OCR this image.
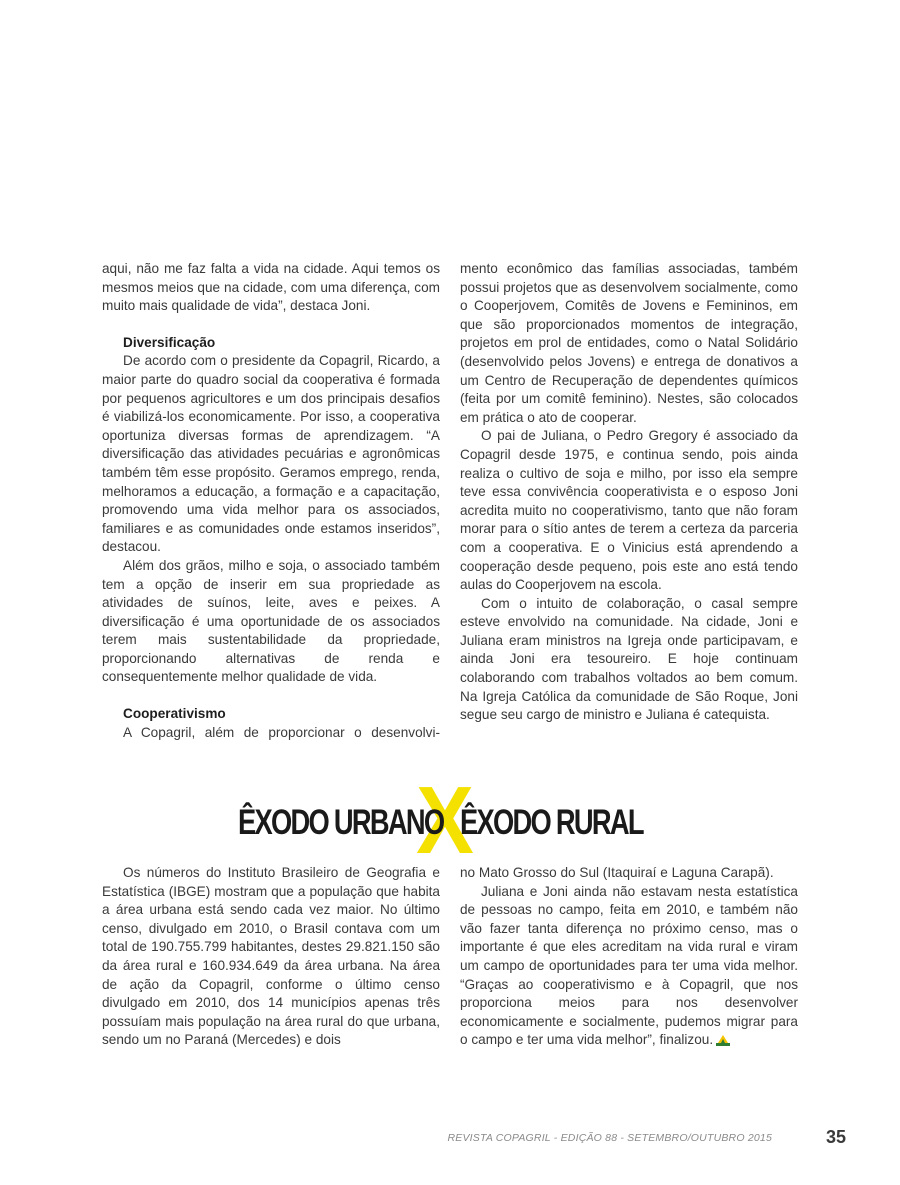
aqui, não me faz falta a vida na cidade. Aqui temos os mesmos meios que na cidade, com uma diferença, com muito mais qualidade de vida”, destaca Joni.

Diversificação

De acordo com o presidente da Copagril, Ricardo, a maior parte do quadro social da cooperativa é formada por pequenos agricultores e um dos principais desafios é viabilizá-los economicamente. Por isso, a cooperativa oportuniza diversas formas de aprendizagem. “A diversificação das atividades pecuárias e agronômicas também têm esse propósito. Geramos emprego, renda, melhoramos a educação, a formação e a capacitação, promovendo uma vida melhor para os associados, familiares e as comunidades onde estamos inseridos”, destacou.

Além dos grãos, milho e soja, o associado também tem a opção de inserir em sua propriedade as atividades de suínos, leite, aves e peixes. A diversificação é uma oportunidade de os associados terem mais sustentabilidade da propriedade, proporcionando alternativas de renda e consequentemente melhor qualidade de vida.

Cooperativismo

A Copagril, além de proporcionar o desenvolvi-

mento econômico das famílias associadas, também possui projetos que as desenvolvem socialmente, como o Cooperjovem, Comitês de Jovens e Femininos, em que são proporcionados momentos de integração, projetos em prol de entidades, como o Natal Solidário (desenvolvido pelos Jovens) e entrega de donativos a um Centro de Recuperação de dependentes químicos (feita por um comitê feminino). Nestes, são colocados em prática o ato de cooperar.

O pai de Juliana, o Pedro Gregory é associado da Copagril desde 1975, e continua sendo, pois ainda realiza o cultivo de soja e milho, por isso ela sempre teve essa convivência cooperativista e o esposo Joni acredita muito no cooperativismo, tanto que não foram morar para o sítio antes de terem a certeza da parceria com a cooperativa. E o Vinicius está aprendendo a cooperação desde pequeno, pois este ano está tendo aulas do Cooperjovem na escola.

Com o intuito de colaboração, o casal sempre esteve envolvido na comunidade. Na cidade, Joni e Juliana eram ministros na Igreja onde participavam, e ainda Joni era tesoureiro. E hoje continuam colaborando com trabalhos voltados ao bem comum. Na Igreja Católica da comunidade de São Roque, Joni segue seu cargo de ministro e Juliana é catequista.

X
ÊXODO URBANO ÊXODO RURAL

Os números do Instituto Brasileiro de Geografia e Estatística (IBGE) mostram que a população que habita a área urbana está sendo cada vez maior. No último censo, divulgado em 2010, o Brasil contava com um total de 190.755.799 habitantes, destes 29.821.150 são da área rural e 160.934.649 da área urbana. Na área de ação da Copagril, conforme o último censo divulgado em 2010, dos 14 municípios apenas três possuíam mais população na área rural do que urbana, sendo um no Paraná (Mercedes) e dois

no Mato Grosso do Sul (Itaquiraí e Laguna Carapã).

Juliana e Joni ainda não estavam nesta estatística de pessoas no campo, feita em 2010, e também não vão fazer tanta diferença no próximo censo, mas o importante é que eles acreditam na vida rural e viram um campo de oportunidades para ter uma vida melhor. “Graças ao cooperativismo e à Copagril, que nos proporciona meios para nos desenvolver economicamente e socialmente, pudemos migrar para o campo e ter uma vida melhor”, finalizou.

REVISTA COPAGRIL - EDIÇÃO 88 - SETEMBRO/OUTUBRO 2015	35
